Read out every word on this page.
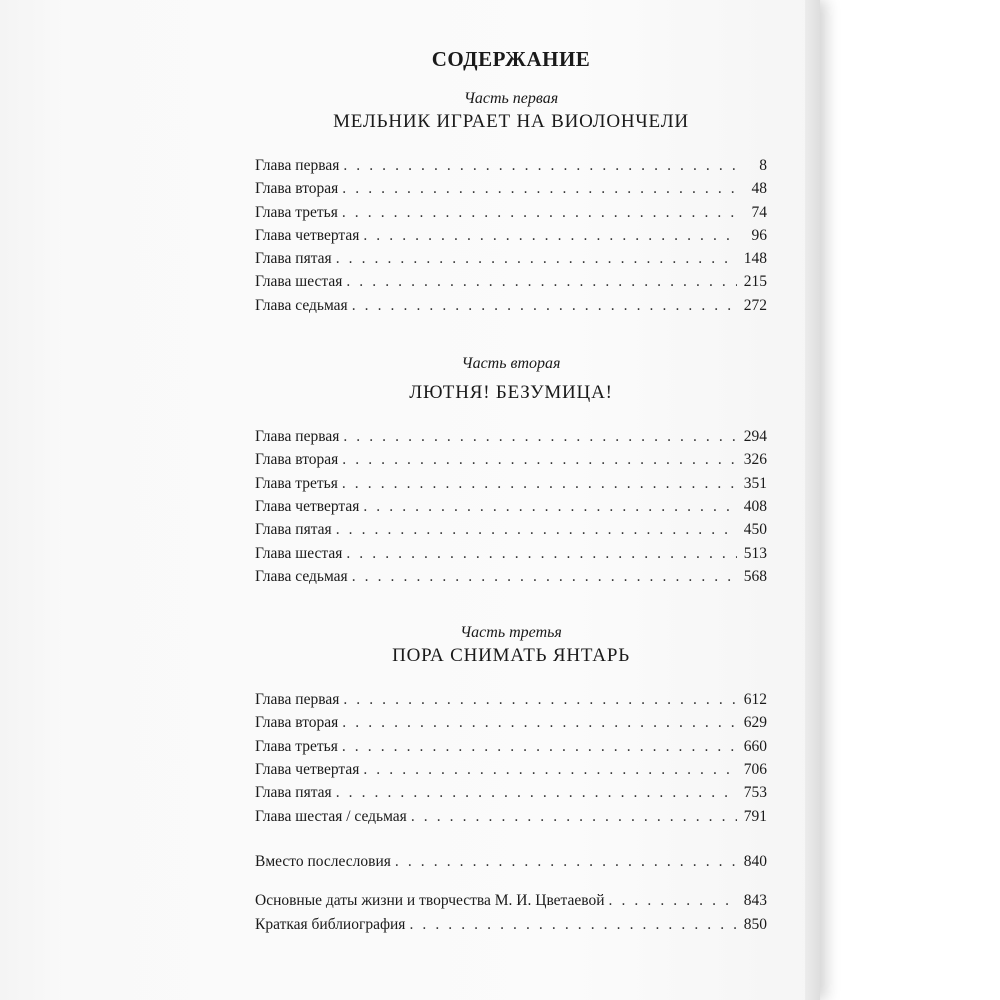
СОДЕРЖАНИЕ
Часть первая
МЕЛЬНИК ИГРАЕТ НА ВИОЛОНЧЕЛИ
Глава первая . . .	8
Глава вторая . . .	48
Глава третья . . .	74
Глава четвертая . . .	96
Глава пятая . . .	148
Глава шестая . . .	215
Глава седьмая . . .	272
Часть вторая
ЛЮТНЯ! БЕЗУМИЦА!
Глава первая . . .	294
Глава вторая . . .	326
Глава третья . . .	351
Глава четвертая . . .	408
Глава пятая . . .	450
Глава шестая . . .	513
Глава седьмая . . .	568
Часть третья
ПОРА СНИМАТЬ ЯНТАРЬ
Глава первая . . .	612
Глава вторая . . .	629
Глава третья . . .	660
Глава четвертая . . .	706
Глава пятая . . .	753
Глава шестая / седьмая . . .	791
Вместо послесловия . . .	840
Основные даты жизни и творчества М. И. Цветаевой . . .	843
Краткая библиография . . .	850
